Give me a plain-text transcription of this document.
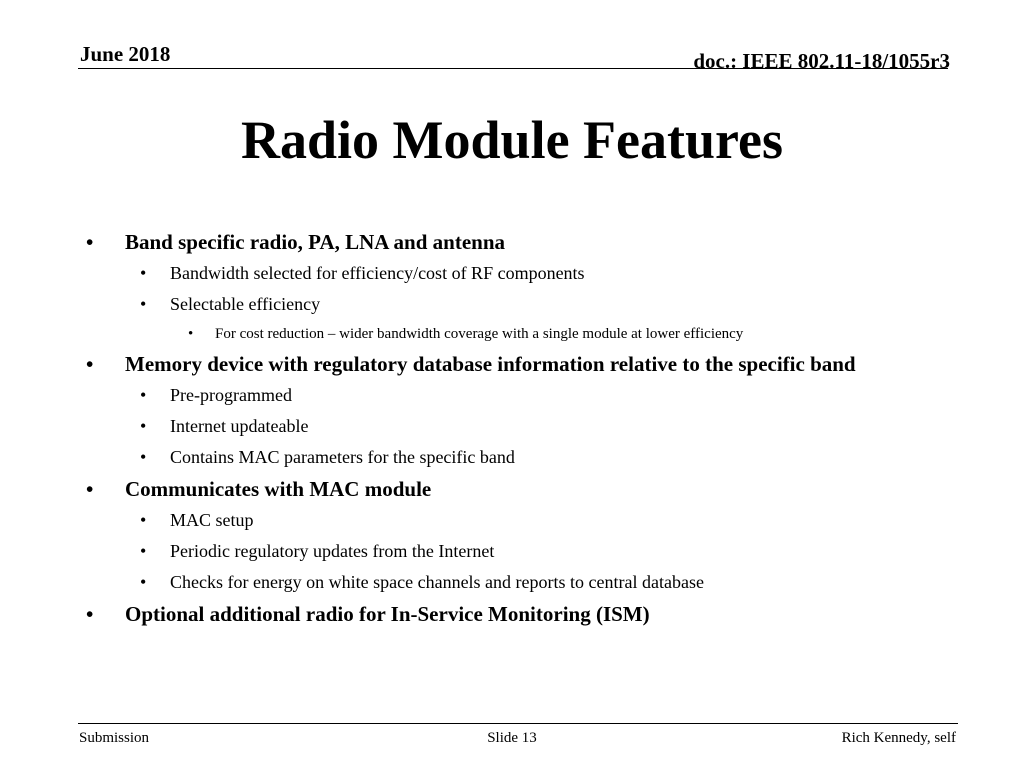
June 2018	doc.: IEEE 802.11-18/1055r3
Radio Module Features
• Band specific radio, PA, LNA and antenna
• Bandwidth selected for efficiency/cost of RF components
• Selectable efficiency
• For cost reduction – wider bandwidth coverage with a single module at lower efficiency
• Memory device with regulatory database information relative to the specific band
• Pre-programmed
• Internet updateable
• Contains MAC parameters for the specific band
• Communicates with MAC module
• MAC setup
• Periodic regulatory updates from the Internet
• Checks for energy on white space channels and reports to central database
• Optional additional radio for In-Service Monitoring (ISM)
Submission	Slide 13	Rich Kennedy, self
